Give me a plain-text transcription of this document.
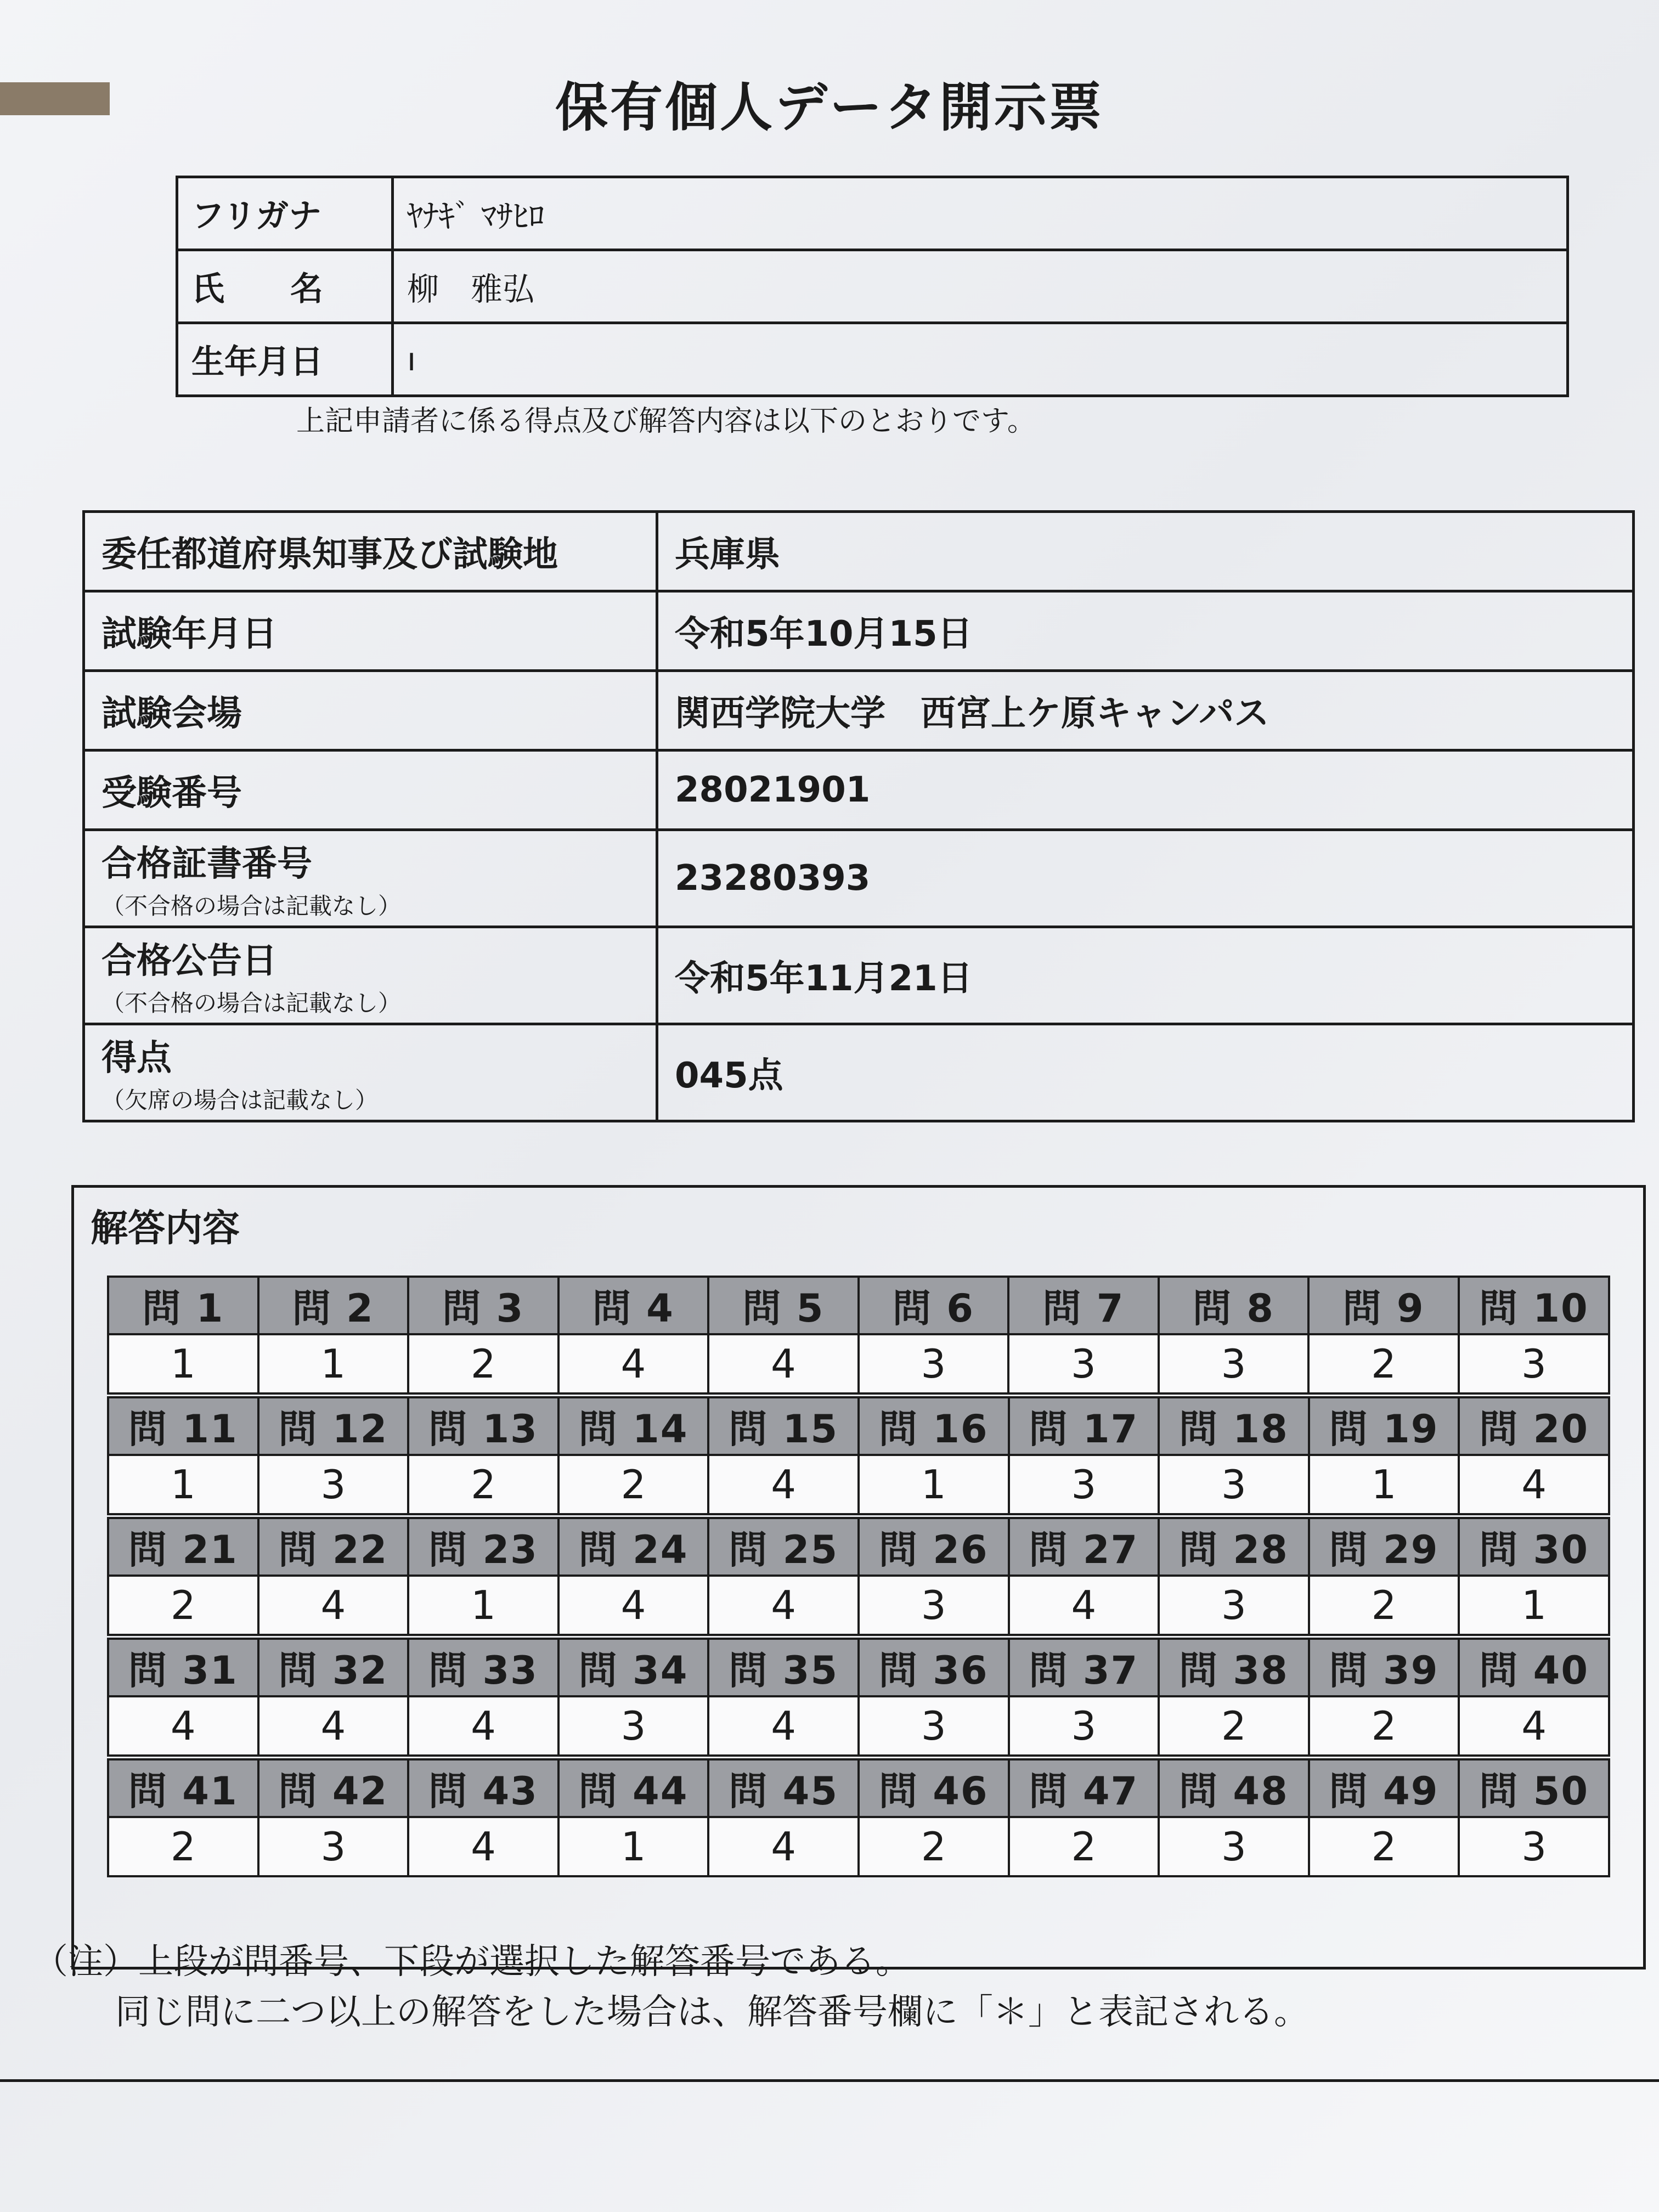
保有個人データ開示票
フリガナ	ﾔﾅｷﾞ ﾏｻﾋﾛ
氏　　名	柳　雅弘
生年月日	ı
上記申請者に係る得点及び解答内容は以下のとおりです。
委任都道府県知事及び試験地	兵庫県
試験年月日	令和5年10月15日
試験会場	関西学院大学　西宮上ケ原キャンパス
受験番号	28021901
合格証書番号
（不合格の場合は記載なし）	23280393
合格公告日
（不合格の場合は記載なし）	令和5年11月21日
得点
（欠席の場合は記載なし）	045点
解答内容
問 1	問 2	問 3	問 4	問 5	問 6	問 7	問 8	問 9	問 10
1	1	2	4	4	3	3	3	2	3
問 11	問 12	問 13	問 14	問 15	問 16	問 17	問 18	問 19	問 20
1	3	2	2	4	1	3	3	1	4
問 21	問 22	問 23	問 24	問 25	問 26	問 27	問 28	問 29	問 30
2	4	1	4	4	3	4	3	2	1
問 31	問 32	問 33	問 34	問 35	問 36	問 37	問 38	問 39	問 40
4	4	4	3	4	3	3	2	2	4
問 41	問 42	問 43	問 44	問 45	問 46	問 47	問 48	問 49	問 50
2	3	4	1	4	2	2	3	2	3
（注）上段が問番号、下段が選択した解答番号である。
同じ問に二つ以上の解答をした場合は、解答番号欄に「＊」と表記される。
